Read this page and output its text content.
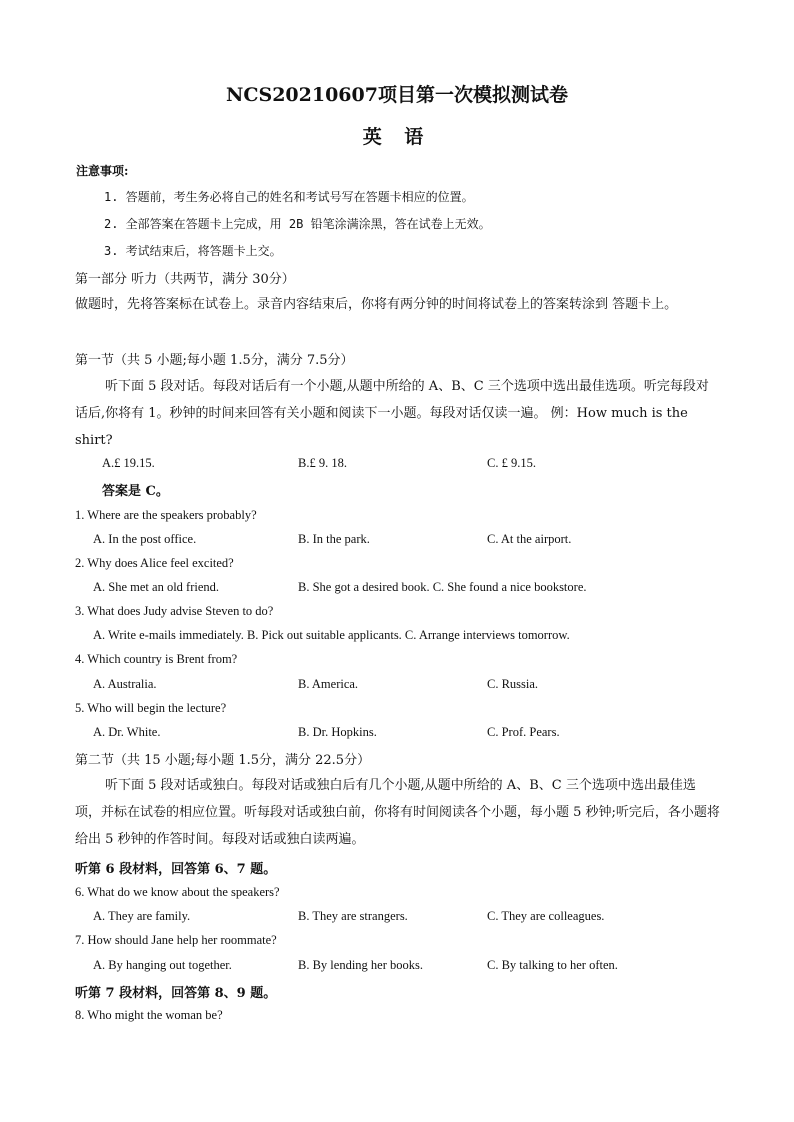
NCS20210607项目第一次模拟测试卷
英 语
注意事项:
1. 答题前，考生务必将自己的姓名和考试号写在答题卡相应的位置。
2. 全部答案在答题卡上完成，用 2B 铅笔涂满涂黑，答在试卷上无效。
3. 考试结束后，将答题卡上交。
第一部分 听力（共两节，满分 30分）
做题时，先将答案标在试卷上。录音内容结束后，你将有两分钟的时间将试卷上的答案转涂到 答题卡上。
第一节（共 5 小题;每小题 1.5分，满分 7.5分）
听下面 5 段对话。每段对话后有一个小题,从题中所给的 A、B、C 三个选项中选出最佳选项。听完每段对话后,你将有 1。秒钟的时间来回答有关小题和阅读下一小题。每段对话仅读一遍。 例：How much is the shirt?
A.£ 19.15.	B.£ 9. 18.	C. £ 9.15.
答案是 C。
1. Where are the speakers probably?
A. In the post office.	B. In the park.	C. At the airport.
2. Why does Alice feel excited?
A. She met an old friend.	B. She got a desired book. C. She found a nice bookstore.
3. What does Judy advise Steven to do?
A. Write e-mails immediately. B. Pick out suitable applicants. C. Arrange interviews tomorrow.
4. Which country is Brent from?
A. Australia.	B. America.	C. Russia.
5. Who will begin the lecture?
A. Dr. White.	B. Dr. Hopkins.	C. Prof. Pears.
第二节（共 15 小题;每小题 1.5分，满分 22.5分）
听下面 5 段对话或独白。每段对话或独白后有几个小题,从题中所给的 A、B、C 三个选项中选出最佳选项，并标在试卷的相应位置。听每段对话或独白前，你将有时间阅读各个小题，每小题 5 秒钟;听完后，各小题将给出 5 秒钟的作答时间。每段对话或独白读两遍。
听第 6 段材料，回答第 6、7 题。
6. What do we know about the speakers?
A. They are family.	B. They are strangers.	C. They are colleagues.
7. How should Jane help her roommate?
A. By hanging out together.	B. By lending her books.	C. By talking to her often.
听第 7 段材料，回答第 8、9 题。
8. Who might the woman be?
